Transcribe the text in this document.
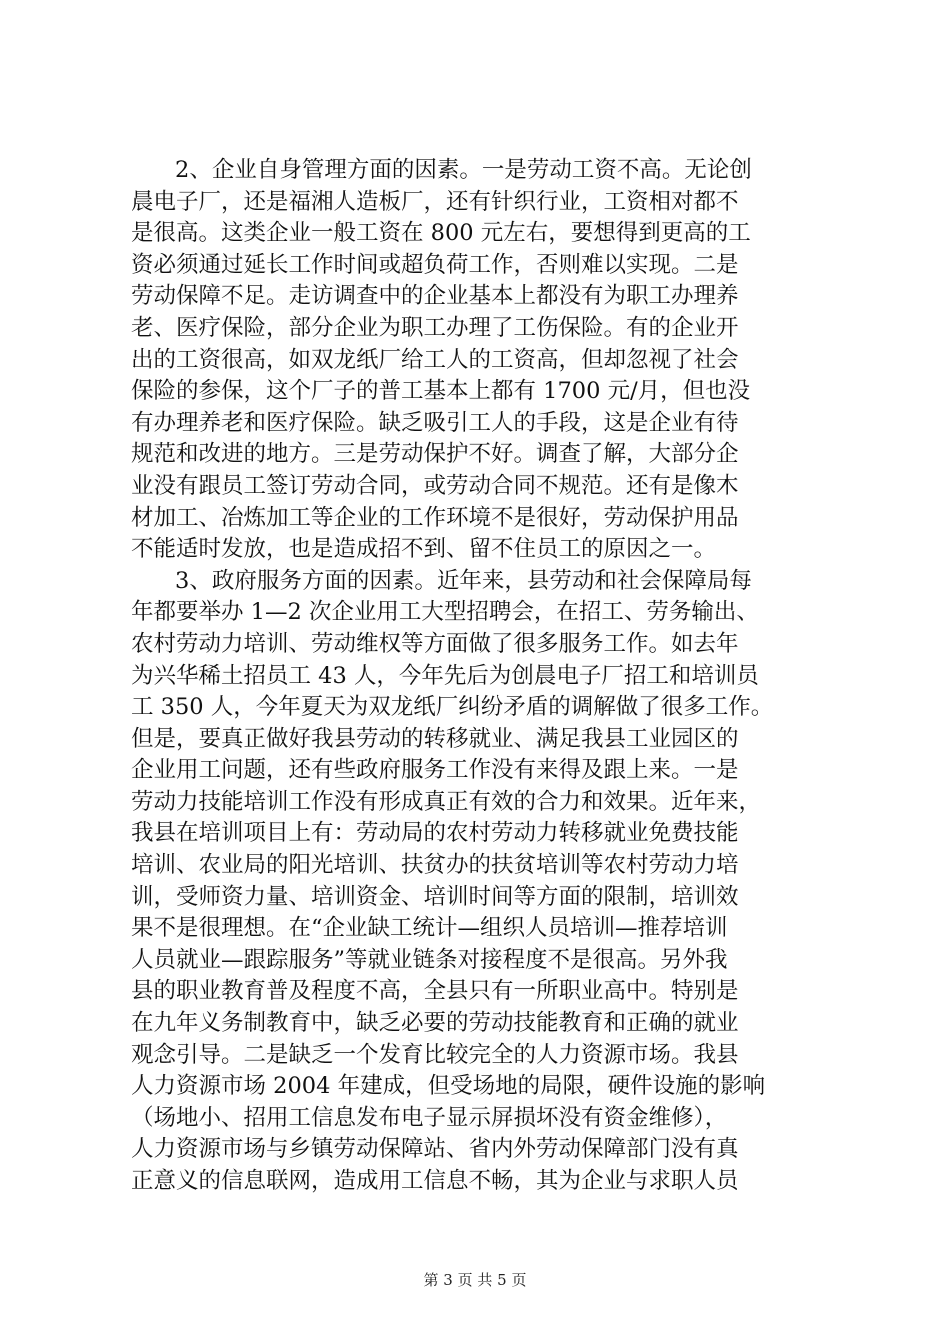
2、企业自身管理方面的因素。一是劳动工资不高。无论创
晨电子厂，还是福湘人造板厂，还有针织行业，工资相对都不
是很高。这类企业一般工资在 800 元左右，要想得到更高的工
资必须通过延长工作时间或超负荷工作，否则难以实现。二是
劳动保障不足。走访调查中的企业基本上都没有为职工办理养
老、医疗保险，部分企业为职工办理了工伤保险。有的企业开
出的工资很高，如双龙纸厂给工人的工资高，但却忽视了社会
保险的参保，这个厂子的普工基本上都有 1700 元/月，但也没
有办理养老和医疗保险。缺乏吸引工人的手段，这是企业有待
规范和改进的地方。三是劳动保护不好。调查了解，大部分企
业没有跟员工签订劳动合同，或劳动合同不规范。还有是像木
材加工、冶炼加工等企业的工作环境不是很好，劳动保护用品
不能适时发放，也是造成招不到、留不住员工的原因之一。
3、政府服务方面的因素。近年来，县劳动和社会保障局每
年都要举办 1—2 次企业用工大型招聘会，在招工、劳务输出、
农村劳动力培训、劳动维权等方面做了很多服务工作。如去年
为兴华稀土招员工 43 人，今年先后为创晨电子厂招工和培训员
工 350 人，今年夏天为双龙纸厂纠纷矛盾的调解做了很多工作。
但是，要真正做好我县劳动的转移就业、满足我县工业园区的
企业用工问题，还有些政府服务工作没有来得及跟上来。一是
劳动力技能培训工作没有形成真正有效的合力和效果。近年来，
我县在培训项目上有：劳动局的农村劳动力转移就业免费技能
培训、农业局的阳光培训、扶贫办的扶贫培训等农村劳动力培
训，受师资力量、培训资金、培训时间等方面的限制，培训效
果不是很理想。在“企业缺工统计—组织人员培训—推荐培训
人员就业—跟踪服务”等就业链条对接程度不是很高。另外我
县的职业教育普及程度不高，全县只有一所职业高中。特别是
在九年义务制教育中，缺乏必要的劳动技能教育和正确的就业
观念引导。二是缺乏一个发育比较完全的人力资源市场。我县
人力资源市场 2004 年建成，但受场地的局限，硬件设施的影响
（场地小、招用工信息发布电子显示屏损坏没有资金维修），
人力资源市场与乡镇劳动保障站、省内外劳动保障部门没有真
正意义的信息联网，造成用工信息不畅，其为企业与求职人员
第 3 页 共 5 页
